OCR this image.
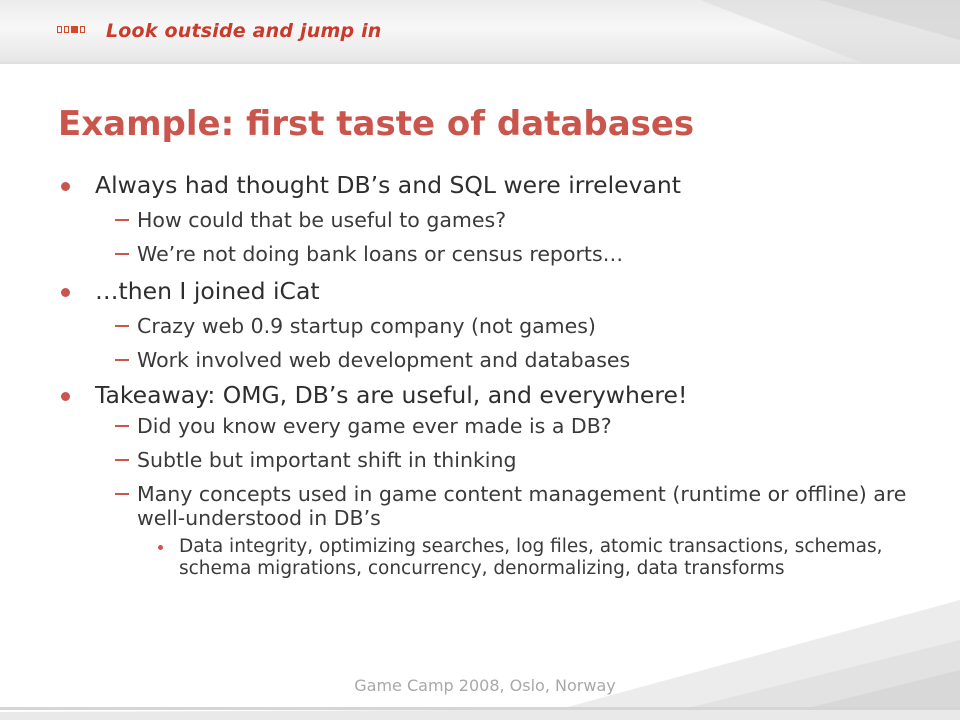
Look outside and jump in
Example: first taste of databases
Always had thought DB’s and SQL were irrelevant
How could that be useful to games?
We’re not doing bank loans or census reports…
…then I joined iCat
Crazy web 0.9 startup company (not games)
Work involved web development and databases
Takeaway: OMG, DB’s are useful, and everywhere!
Did you know every game ever made is a DB?
Subtle but important shift in thinking
Many concepts used in game content management (runtime or offline) are well-understood in DB’s
Data integrity, optimizing searches, log files, atomic transactions, schemas, schema migrations, concurrency, denormalizing, data transforms
Game Camp 2008, Oslo, Norway
